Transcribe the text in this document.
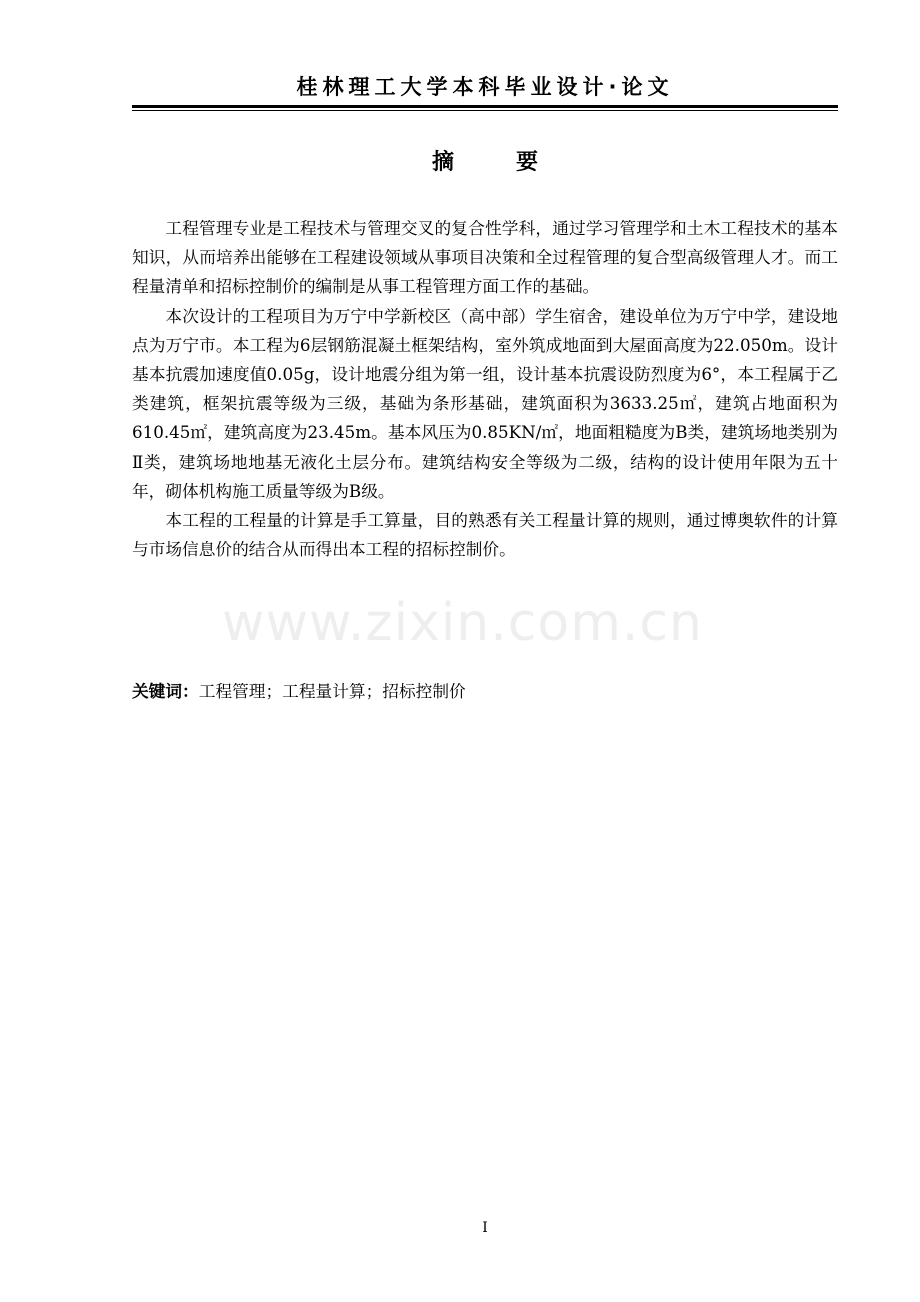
桂林理工大学本科毕业设计·论文
摘要

工程管理专业是工程技术与管理交叉的复合性学科，通过学习管理学和土木工程技术的基本知识，从而培养出能够在工程建设领域从事项目决策和全过程管理的复合型高级管理人才。而工程量清单和招标控制价的编制是从事工程管理方面工作的基础。

本次设计的工程项目为万宁中学新校区（高中部）学生宿舍，建设单位为万宁中学，建设地点为万宁市。本工程为6层钢筋混凝土框架结构，室外筑成地面到大屋面高度为22.050m。设计基本抗震加速度值0.05g，设计地震分组为第一组，设计基本抗震设防烈度为6°，本工程属于乙类建筑，框架抗震等级为三级，基础为条形基础，建筑面积为3633.25㎡，建筑占地面积为610.45㎡，建筑高度为23.45m。基本风压为0.85KN/㎡，地面粗糙度为B类，建筑场地类别为Ⅱ类，建筑场地地基无液化土层分布。建筑结构安全等级为二级，结构的设计使用年限为五十年，砌体机构施工质量等级为B级。

本工程的工程量的计算是手工算量，目的熟悉有关工程量计算的规则，通过博奥软件的计算与市场信息价的结合从而得出本工程的招标控制价。

www.zixin.com.cn
关键词：工程管理；工程量计算；招标控制价
I
